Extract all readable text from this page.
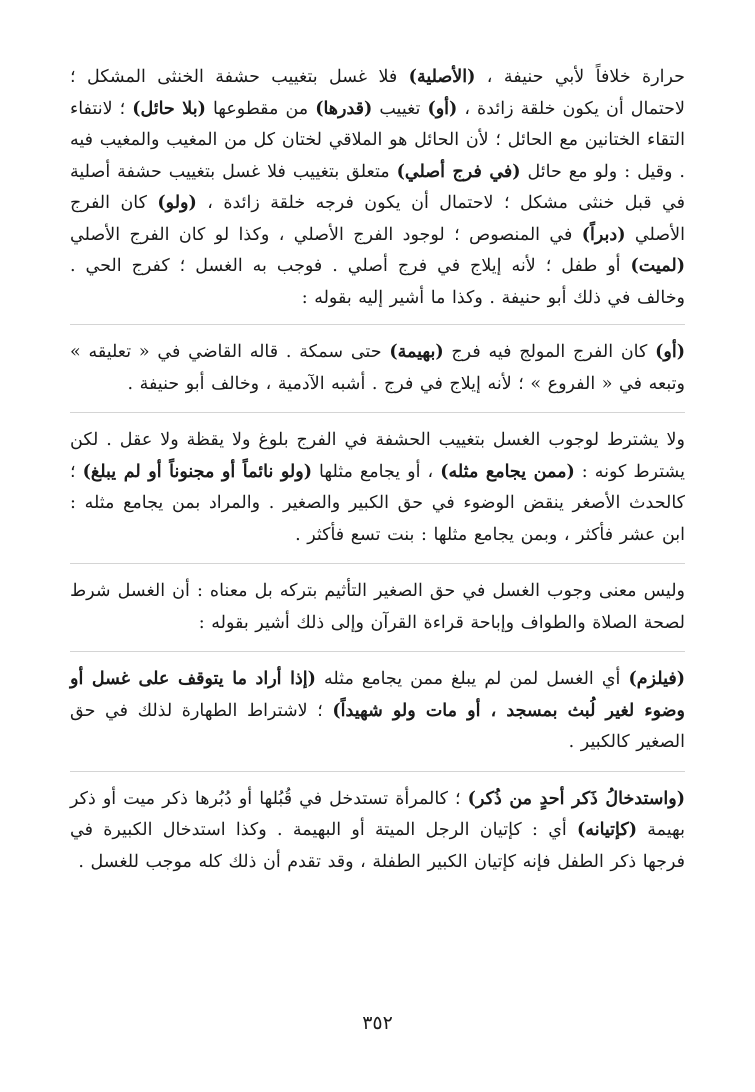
حرارة خلافاً لأبي حنيفة ، (الأصلية) فلا غسل بتغييب حشفة الخنثى المشكل ؛ لاحتمال أن يكون خلقة زائدة ، (أو) تغييب (قدرها) من مقطوعها (بلا حائل) ؛ لانتفاء التقاء الختانين مع الحائل ؛ لأن الحائل هو الملاقي لختان كل من المغيب والمغيب فيه . وقيل : ولو مع حائل (في فرج أصلي) متعلق بتغييب فلا غسل بتغييب حشفة أصلية في قبل خنثى مشكل ؛ لاحتمال أن يكون فرجه خلقة زائدة ، (ولو) كان الفرج الأصلي (دبراً) في المنصوص ؛ لوجود الفرج الأصلي ، وكذا لو كان الفرج الأصلي (لميت) أو طفل ؛ لأنه إيلاج في فرج أصلي . فوجب به الغسل ؛ كفرج الحي . وخالف في ذلك أبو حنيفة . وكذا ما أشير إليه بقوله :

(أو) كان الفرج المولج فيه فرج (بهيمة) حتى سمكة . قاله القاضي في « تعليقه » وتبعه في « الفروع » ؛ لأنه إيلاج في فرج . أشبه الآدمية ، وخالف أبو حنيفة .

ولا يشترط لوجوب الغسل بتغييب الحشفة في الفرج بلوغ ولا يقظة ولا عقل . لكن يشترط كونه : (ممن يجامع مثله) ، أو يجامع مثلها (ولو نائماً أو مجنوناً أو لم يبلغ) ؛ كالحدث الأصغر ينقض الوضوء في حق الكبير والصغير . والمراد بمن يجامع مثله : ابن عشر فأكثر ، وبمن يجامع مثلها : بنت تسع فأكثر .

وليس معنى وجوب الغسل في حق الصغير التأثيم بتركه بل معناه : أن الغسل شرط لصحة الصلاة والطواف وإباحة قراءة القرآن وإلى ذلك أشير بقوله :

(فيلزم) أي الغسل لمن لم يبلغ ممن يجامع مثله (إذا أراد ما يتوقف على غسل أو وضوء لغير لُبث بمسجد ، أو مات ولو شهيداً) ؛ لاشتراط الطهارة لذلك في حق الصغير كالكبير .

(واستدخالُ ذَكر أحدٍ من ذُكر) ؛ كالمرأة تستدخل في قُبُلها أو دُبُرها ذكر ميت أو ذكر بهيمة (كإتيانه) أي : كإتيان الرجل الميتة أو البهيمة . وكذا استدخال الكبيرة في فرجها ذكر الطفل فإنه كإتيان الكبير الطفلة ، وقد تقدم أن ذلك كله موجب للغسل .

٣٥٢
